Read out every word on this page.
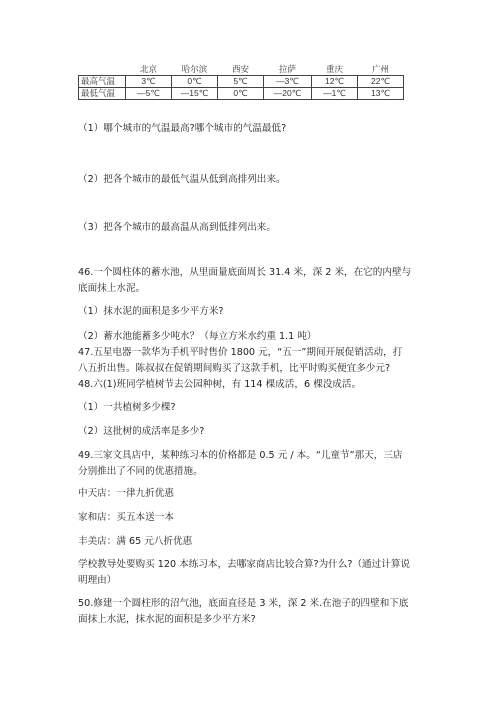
	北京	哈尔滨	西安	拉萨	重庆	广州
最高气温	3℃	0℃	5℃	—3℃	12℃	22℃
最低气温	—5℃	—15℃	0℃	—20℃	—1℃	13℃
（1）哪个城市的气温最高?哪个城市的气温最低?
（2）把各个城市的最低气温从低到高排列出来。
（3）把各个城市的最高温从高到低排列出来。
46.一个圆柱体的蓄水池，从里面量底面周长 31.4 米，深 2 米，在它的内壁与
底面抹上水泥。
（1）抹水泥的面积是多少平方米?
（2）蓄水池能蓄多少吨水？（每立方米水约重 1.1 吨）
47.五星电器一款华为手机平时售价 1800 元，“五一”期间开展促销活动，打
八五折出售。陈叔叔在促销期间购买了这款手机，比平时购买便宜多少元?
48.六(1)班同学植树节去公园种树，有 114 棵成活，6 棵没成活。
（1）一共植树多少棵?
（2）这批树的成活率是多少?
49.三家文具店中，某种练习本的价格都是 0.5 元 / 本。“儿童节”那天，三店
分别推出了不同的优惠措施。
中天店：一律九折优惠
家和店：买五本送一本
丰美店：满 65 元八折优惠
学校教导处要购买 120 本练习本，去哪家商店比较合算?为什么?（通过计算说
明理由）
50.修建一个圆柱形的沼气池，底面直径是 3 米，深 2 米.在池子的四壁和下底
面抹上水泥，抹水泥的面积是多少平方米?
